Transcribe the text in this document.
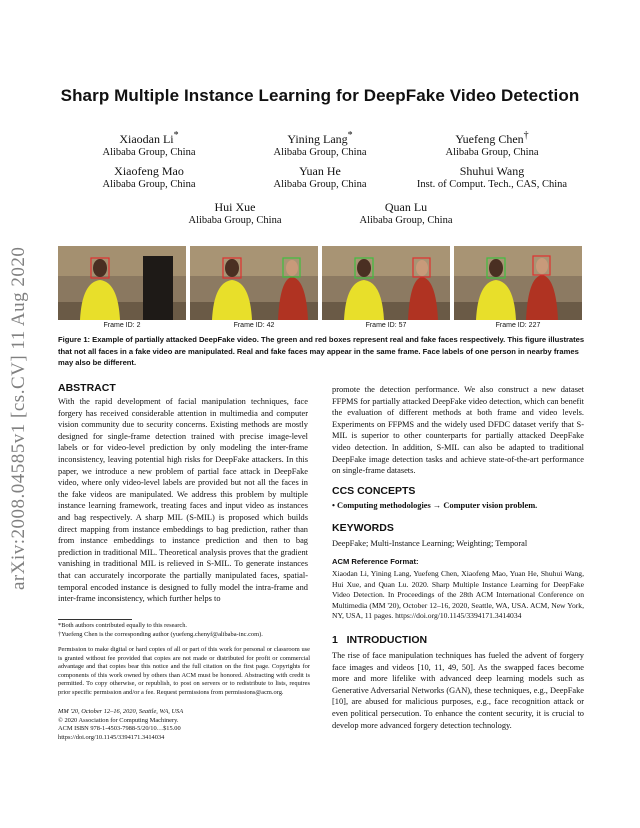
Sharp Multiple Instance Learning for DeepFake Video Detection
Xiaodan Li*
Alibaba Group, China
Yining Lang*
Alibaba Group, China
Yuefeng Chen†
Alibaba Group, China
Xiaofeng Mao
Alibaba Group, China
Yuan He
Alibaba Group, China
Shuhui Wang
Inst. of Comput. Tech., CAS, China
Hui Xue
Alibaba Group, China
Quan Lu
Alibaba Group, China
arXiv:2008.04585v1 [cs.CV] 11 Aug 2020	Frame ID: 2	Frame ID: 42	Frame ID: 57	Frame ID: 227
Figure 1: Example of partially attacked DeepFake video. The green and red boxes represent real and fake faces respectively. This figure illustrates that not all faces in a fake video are manipulated. Real and fake faces may appear in the same frame. Face labels of one person in nearby frames may also be different.
ABSTRACT
With the rapid development of facial manipulation techniques, face forgery has received considerable attention in multimedia and computer vision community due to security concerns. Existing methods are mostly designed for single-frame detection trained with precise image-level labels or for video-level prediction by only modeling the inter-frame inconsistency, leaving potential high risks for DeepFake attackers. In this paper, we introduce a new problem of partial face attack in DeepFake video, where only video-level labels are provided but not all the faces in the fake videos are manipulated. We address this problem by multiple instance learning framework, treating faces and input video as instances and bag respectively. A sharp MIL (S-MIL) is proposed which builds direct mapping from instance embeddings to bag prediction, rather than from instance embeddings to instance prediction and then to bag prediction in traditional MIL. Theoretical analysis proves that the gradient vanishing in traditional MIL is relieved in S-MIL. To generate instances that can accurately incorporate the partially manipulated faces, spatial-temporal encoded instance is designed to fully model the intra-frame and inter-frame inconsistency, which further helps to
*Both authors contributed equally to this research.
†Yuefeng Chen is the corresponding author (yuefeng.chenyf@alibaba-inc.com).
Permission to make digital or hard copies of all or part of this work for personal or classroom use is granted without fee provided that copies are not made or distributed for profit or commercial advantage and that copies bear this notice and the full citation on the first page. Copyrights for components of this work owned by others than ACM must be honored. Abstracting with credit is permitted. To copy otherwise, or republish, to post on servers or to redistribute to lists, requires prior specific permission and/or a fee. Request permissions from permissions@acm.org.
MM '20, October 12–16, 2020, Seattle, WA, USA
© 2020 Association for Computing Machinery.
ACM ISBN 978-1-4503-7988-5/20/10…$15.00
https://doi.org/10.1145/3394171.3414034
promote the detection performance. We also construct a new dataset FFPMS for partially attacked DeepFake video detection, which can benefit the evaluation of different methods at both frame and video levels. Experiments on FFPMS and the widely used DFDC dataset verify that S-MIL is superior to other counterparts for partially attacked DeepFake video detection. In addition, S-MIL can also be adapted to traditional DeepFake image detection tasks and achieve state-of-the-art performance on single-frame datasets.
CCS CONCEPTS
• Computing methodologies → Computer vision problem.
KEYWORDS
DeepFake; Multi-Instance Learning; Weighting; Temporal
ACM Reference Format:
Xiaodan Li, Yining Lang, Yuefeng Chen, Xiaofeng Mao, Yuan He, Shuhui Wang, Hui Xue, and Quan Lu. 2020. Sharp Multiple Instance Learning for DeepFake Video Detection. In Proceedings of the 28th ACM International Conference on Multimedia (MM '20), October 12–16, 2020, Seattle, WA, USA. ACM, New York, NY, USA, 11 pages. https://doi.org/10.1145/3394171.3414034
1 INTRODUCTION
The rise of face manipulation techniques has fueled the advent of forgery face images and videos [10, 11, 49, 50]. As the swapped faces become more and more lifelike with advanced deep learning models such as Generative Adversarial Networks (GAN), these techniques, e.g., DeepFake [10], are abused for malicious purposes, e.g., face recognition attack or even political persecution. To enhance the content security, it is crucial to develop more advanced forgery detection technology.
